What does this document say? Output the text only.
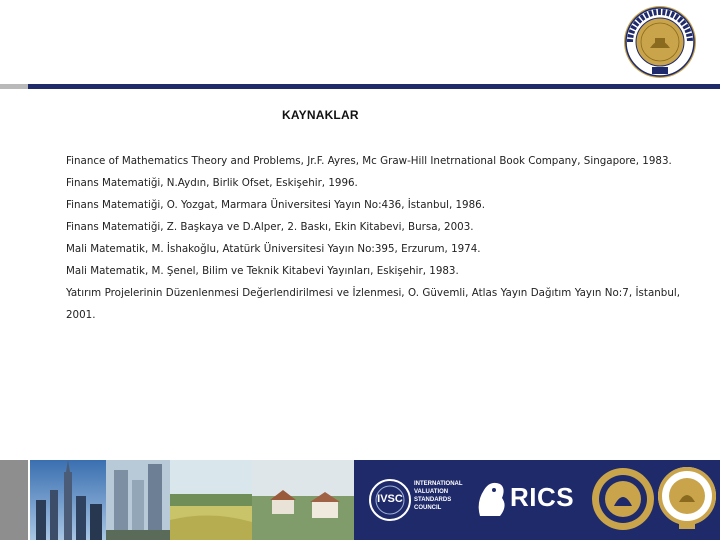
KAYNAKLAR
Finance of Mathematics Theory and Problems, Jr.F. Ayres, Mc Graw-Hill Inetrnational Book Company, Singapore, 1983.
Finans Matematiği, N.Aydın, Birlik Ofset, Eskişehir, 1996.
Finans Matematiği, O. Yozgat, Marmara Üniversitesi Yayın No:436, İstanbul, 1986.
Finans Matematiği, Z. Başkaya ve D.Alper, 2. Baskı, Ekin Kitabevi, Bursa, 2003.
Mali Matematik, M. İshakoğlu, Atatürk Üniversitesi Yayın No:395, Erzurum, 1974.
Mali Matematik, M. Şenel, Bilim ve Teknik Kitabevi Yayınları, Eskişehir, 1983.
Yatırım Projelerinin Düzenlenmesi Değerlendirilmesi ve İzlenmesi, O. Güvemli, Atlas Yayın Dağıtım Yayın No:7, İstanbul, 2001.
IVSC
INTERNATIONAL VALUATION STANDARDS COUNCIL	RICS
